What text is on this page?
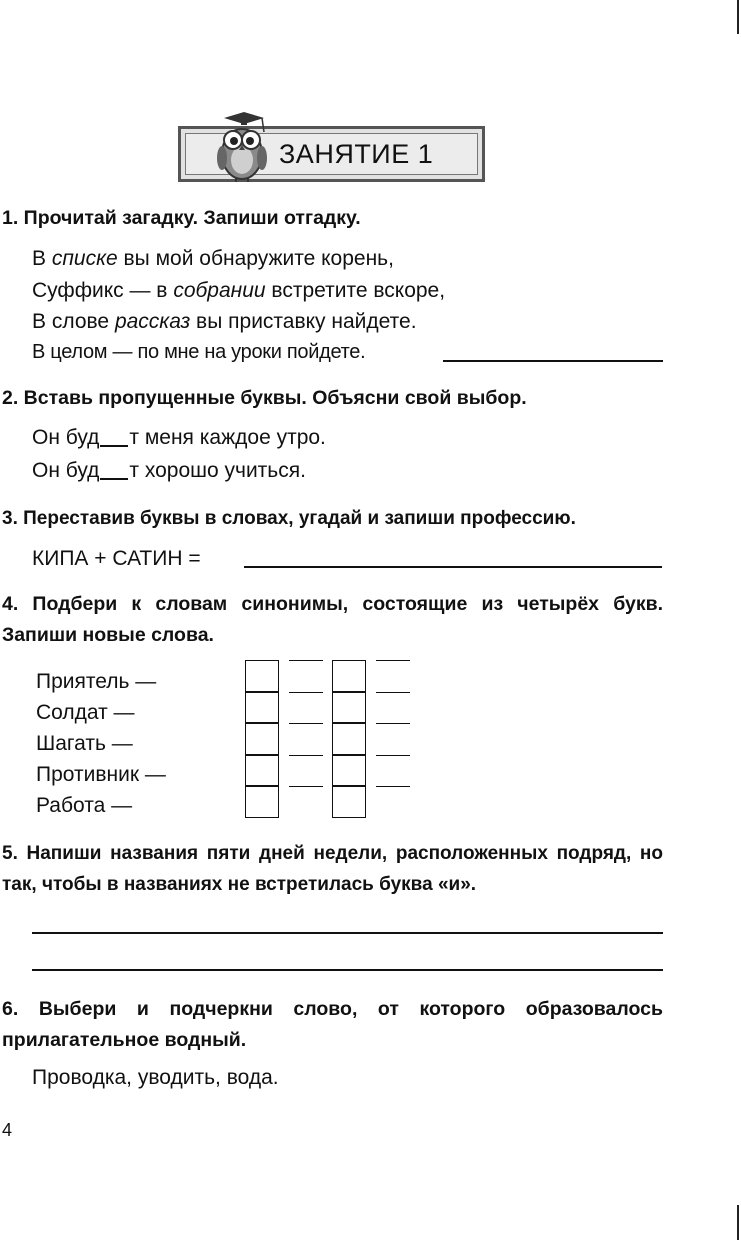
ЗАНЯТИЕ 1
1. Прочитай загадку. Запиши отгадку.
В списке вы мой обнаружите корень,
Суффикс — в собрании встретите вскоре,
В слове рассказ вы приставку найдете.
В целом — по мне на уроки пойдете.
2. Вставь пропущенные буквы. Объясни свой выбор.
Он буд т меня каждое утро.
Он буд т хорошо учиться.
3. Переставив буквы в словах, угадай и запиши профессию.
КИПА + САТИН =
4. Подбери к словам синонимы, состоящие из четырёх букв. Запиши новые слова.
Приятель —
Солдат —
Шагать —
Противник —
Работа —
5. Напиши названия пяти дней недели, расположенных подряд, но так, чтобы в названиях не встретилась буква «и».
6. Выбери и подчеркни слово, от которого образовалось прилагательное водный.
Проводка, уводить, вода.
4
